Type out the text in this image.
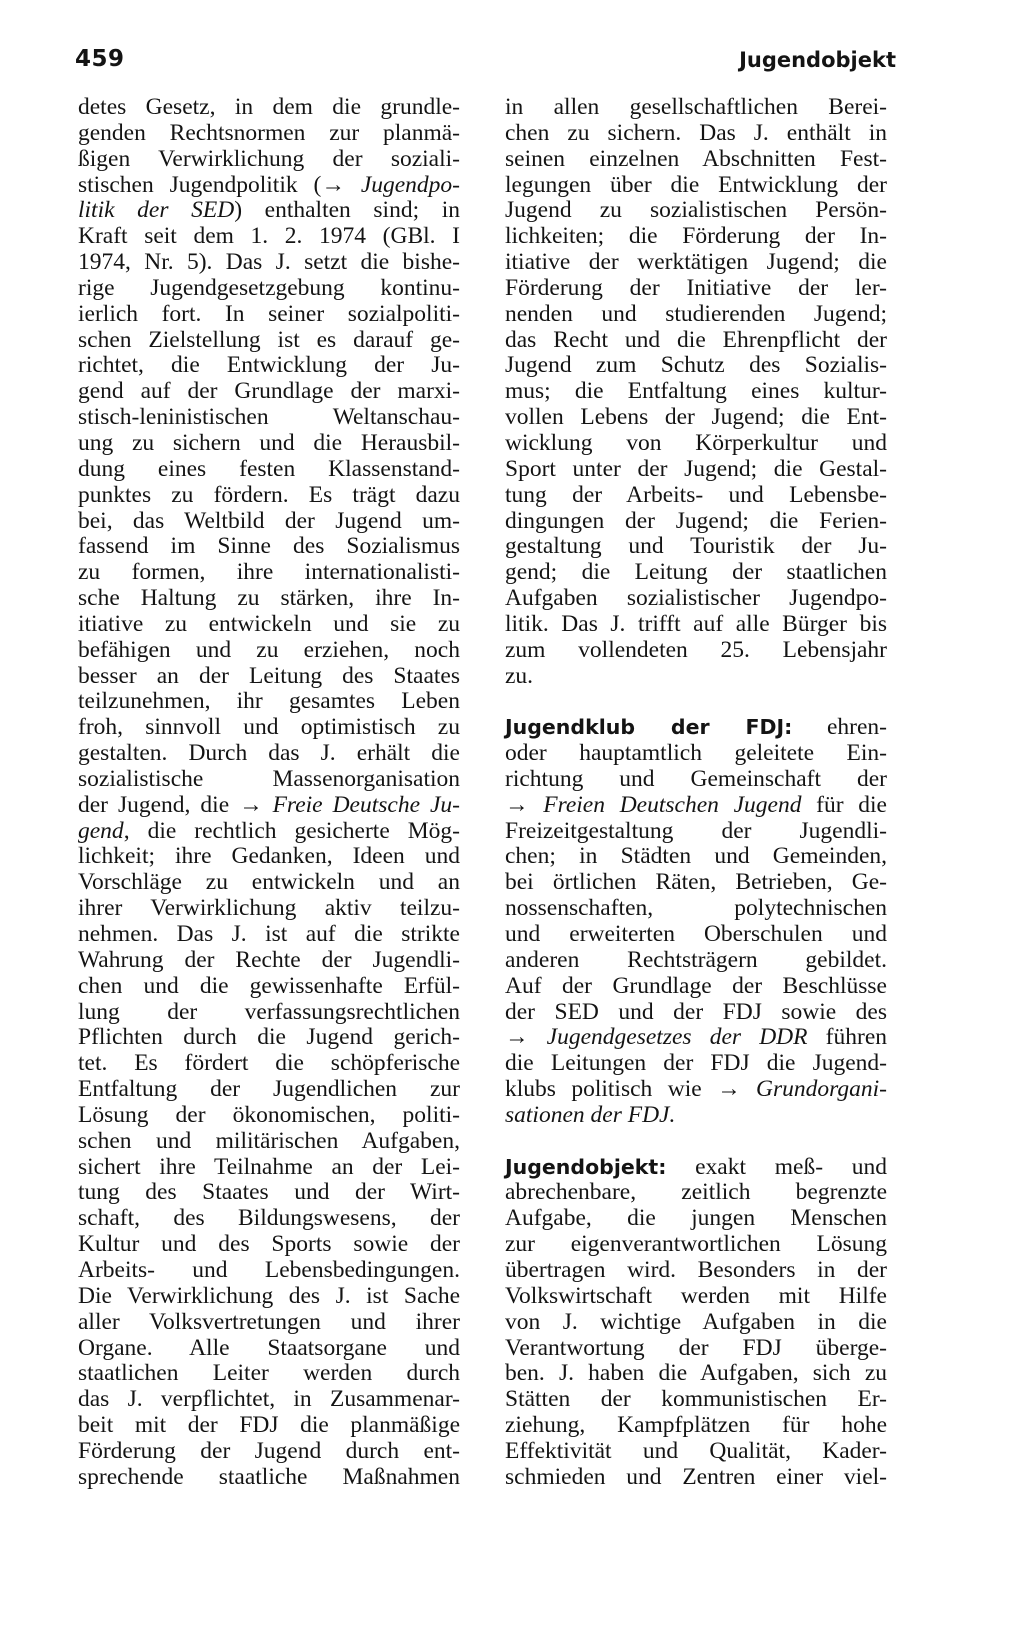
459	Jugendobjekt
detes Gesetz, in dem die grundle-
genden Rechtsnormen zur planmä-
ßigen Verwirklichung der soziali-
stischen Jugendpolitik (→ Jugendpo-
litik der SED) enthalten sind; in
Kraft seit dem 1. 2. 1974 (GBl. I
1974, Nr. 5). Das J. setzt die bishe-
rige Jugendgesetzgebung kontinu-
ierlich fort. In seiner sozialpoliti-
schen Zielstellung ist es darauf ge-
richtet, die Entwicklung der Ju-
gend auf der Grundlage der marxi-
stisch-leninistischen Weltanschau-
ung zu sichern und die Herausbil-
dung eines festen Klassenstand-
punktes zu fördern. Es trägt dazu
bei, das Weltbild der Jugend um-
fassend im Sinne des Sozialismus
zu formen, ihre internationalisti-
sche Haltung zu stärken, ihre In-
itiative zu entwickeln und sie zu
befähigen und zu erziehen, noch
besser an der Leitung des Staates
teilzunehmen, ihr gesamtes Leben
froh, sinnvoll und optimistisch zu
gestalten. Durch das J. erhält die
sozialistische Massenorganisation
der Jugend, die → Freie Deutsche Ju-
gend, die rechtlich gesicherte Mög-
lichkeit; ihre Gedanken, Ideen und
Vorschläge zu entwickeln und an
ihrer Verwirklichung aktiv teilzu-
nehmen. Das J. ist auf die strikte
Wahrung der Rechte der Jugendli-
chen und die gewissenhafte Erfül-
lung der verfassungsrechtlichen
Pflichten durch die Jugend gerich-
tet. Es fördert die schöpferische
Entfaltung der Jugendlichen zur
Lösung der ökonomischen, politi-
schen und militärischen Aufgaben,
sichert ihre Teilnahme an der Lei-
tung des Staates und der Wirt-
schaft, des Bildungswesens, der
Kultur und des Sports sowie der
Arbeits- und Lebensbedingungen.
Die Verwirklichung des J. ist Sache
aller Volksvertretungen und ihrer
Organe. Alle Staatsorgane und
staatlichen Leiter werden durch
das J. verpflichtet, in Zusammenar-
beit mit der FDJ die planmäßige
Förderung der Jugend durch ent-
sprechende staatliche Maßnahmen
in allen gesellschaftlichen Berei-
chen zu sichern. Das J. enthält in
seinen einzelnen Abschnitten Fest-
legungen über die Entwicklung der
Jugend zu sozialistischen Persön-
lichkeiten; die Förderung der In-
itiative der werktätigen Jugend; die
Förderung der Initiative der ler-
nenden und studierenden Jugend;
das Recht und die Ehrenpflicht der
Jugend zum Schutz des Sozialis-
mus; die Entfaltung eines kultur-
vollen Lebens der Jugend; die Ent-
wicklung von Körperkultur und
Sport unter der Jugend; die Gestal-
tung der Arbeits- und Lebensbe-
dingungen der Jugend; die Ferien-
gestaltung und Touristik der Ju-
gend; die Leitung der staatlichen
Aufgaben sozialistischer Jugendpo-
litik. Das J. trifft auf alle Bürger bis
zum vollendeten 25. Lebensjahr
zu.
Jugendklub der FDJ: ehren-
oder hauptamtlich geleitete Ein-
richtung und Gemeinschaft der
→ Freien Deutschen Jugend für die
Freizeitgestaltung der Jugendli-
chen; in Städten und Gemeinden,
bei örtlichen Räten, Betrieben, Ge-
nossenschaften, polytechnischen
und erweiterten Oberschulen und
anderen Rechtsträgern gebildet.
Auf der Grundlage der Beschlüsse
der SED und der FDJ sowie des
→ Jugendgesetzes der DDR führen
die Leitungen der FDJ die Jugend-
klubs politisch wie → Grundorgani-
sationen der FDJ.
Jugendobjekt: exakt meß- und
abrechenbare, zeitlich begrenzte
Aufgabe, die jungen Menschen
zur eigenverantwortlichen Lösung
übertragen wird. Besonders in der
Volkswirtschaft werden mit Hilfe
von J. wichtige Aufgaben in die
Verantwortung der FDJ überge-
ben. J. haben die Aufgaben, sich zu
Stätten der kommunistischen Er-
ziehung, Kampfplätzen für hohe
Effektivität und Qualität, Kader-
schmieden und Zentren einer viel-
